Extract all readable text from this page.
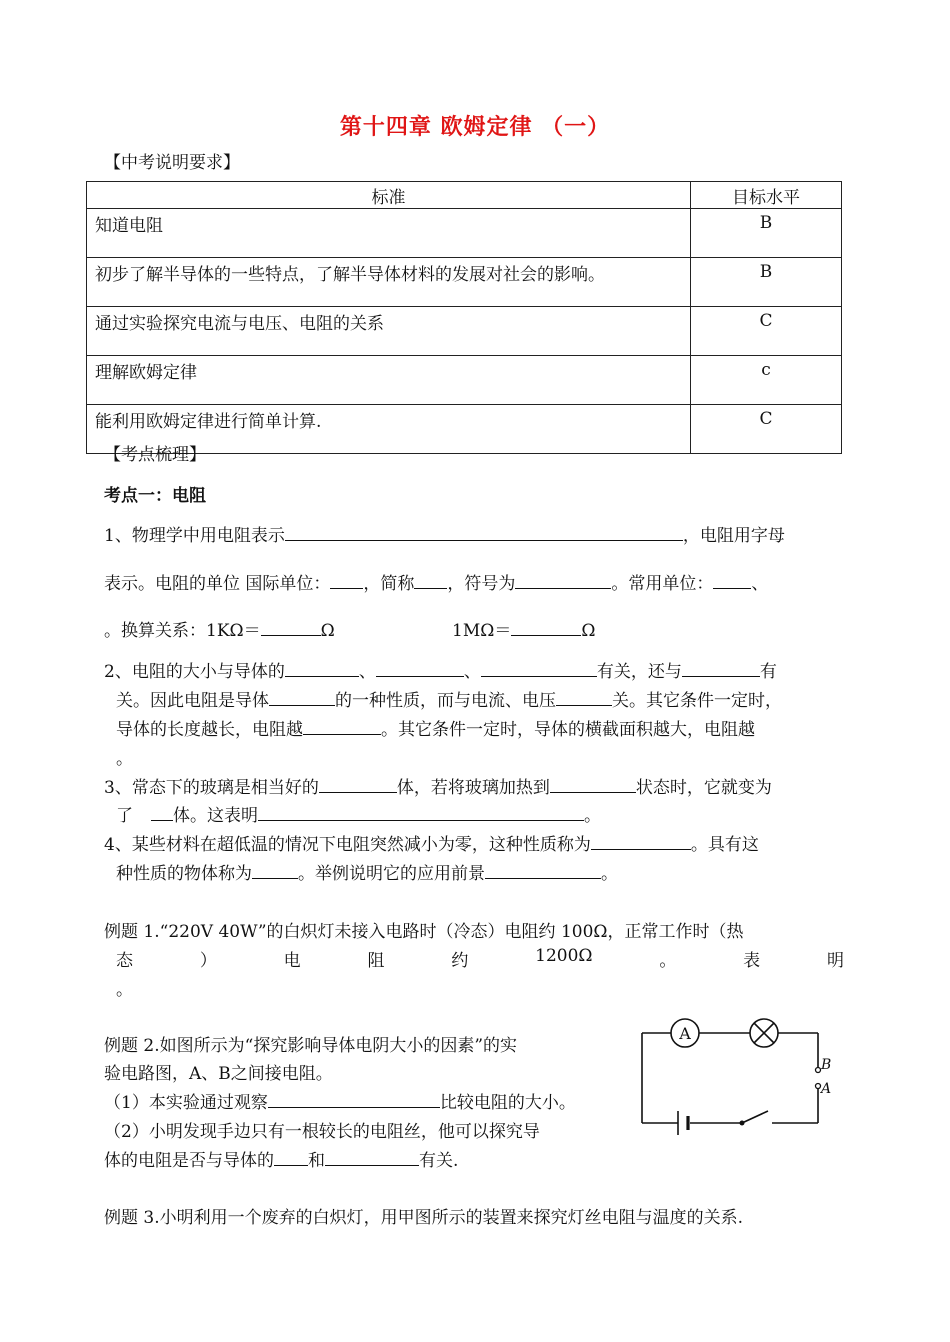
第十四章 欧姆定律 （一）
【中考说明要求】
标准	目标水平
知道电阻	B
初步了解半导体的一些特点，了解半导体材料的发展对社会的影响。	B
通过实验探究电流与电压、电阻的关系	C
理解欧姆定律	c
能利用欧姆定律进行简单计算.	C
【考点梳理】
考点一：电阻
1、物理学中用电阻表示	，电阻用字母
表示。电阻的单位 国际单位： ，简称 ，符号为	。常用单位： 、
。换算关系：1KΩ＝	Ω	1MΩ＝	Ω
2、电阻的大小与导体的	、	、	有关，还与	有
关。因此电阻是导体	的一种性质，而与电流、电压	关。其它条件一定时，
导体的长度越长，电阻越	。其它条件一定时，导体的横截面积越大，电阻越
。
3、常态下的玻璃是相当好的	体，若将玻璃加热到	状态时，它就变为
了 体。这表明	。
4、某些材料在超低温的情况下电阻突然减小为零，这种性质称为	。具有这
种性质的物体称为	。举例说明它的应用前景	。
例题 1.“220V 40W”的白炽灯未接入电路时（冷态）电阻约 100Ω，正常工作时（热
态	）	电	阻	约	1200Ω	。	表	明
。
例题 2.如图所示为“探究影响导体电阴大小的因素”的实
验电路图，A、B之间接电阻。
（1）本实验通过观察	比较电阻的大小。
（2）小明发现手边只有一根较长的电阻丝，他可以探究导
体的电阻是否与导体的 和	有关.
A
B
A
例题 3.小明利用一个废弃的白炽灯，用甲图所示的装置来探究灯丝电阻与温度的关系.
